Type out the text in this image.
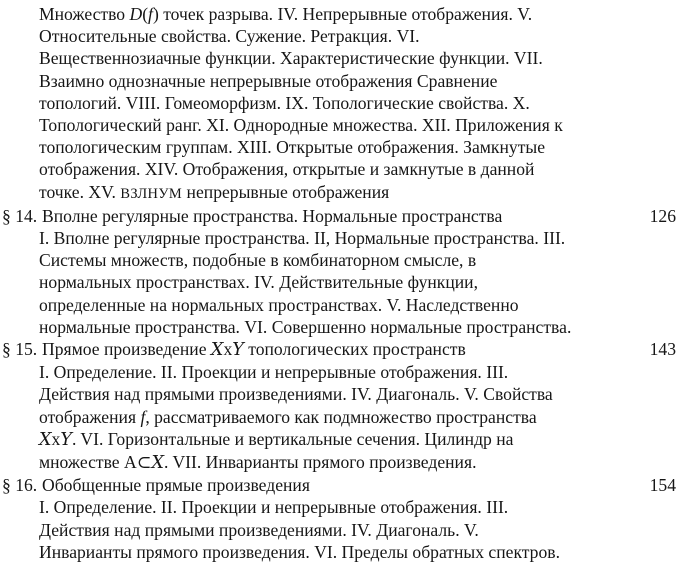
Множество D(f) точек разрыва. IV. Непрерывные отображения. V.
Относительные свойства. Сужение. Ретракция. VI.
Вещественнозиачные функции. Характеристические функции. VII.
Взаимно однозначные непрерывные отображения Сравнение
топологий. VIII. Гомеоморфизм. IX. Топологические свойства. X.
Топологический ранг. XI. Однородные множества. XII. Приложения к
топологическим группам. XIII. Открытые отображения. Замкнутые
отображения. XIV. Отображения, открытые и замкнутые в данной
точке. XV. ВЗЛНУМ непрерывные отображения
§ 14. Вполне регулярные пространства. Нормальные пространства	126
I. Вполне регулярные пространства. II, Нормальные пространства. III.
Системы множеств, подобные в комбинаторном смысле, в
нормальных пространствах. IV. Действительные функции,
определенные на нормальных пространствах. V. Наследственно
нормальные пространства. VI. Совершенно нормальные пространства.
§ 15. Прямое произведение XxY топологических пространств	143
I. Определение. II. Проекции и непрерывные отображения. III.
Действия над прямыми произведениями. IV. Диагональ. V. Свойства
отображения f, рассматриваемого как подмножество пространства
XxY. VI. Горизонтальные и вертикальные сечения. Цилиндр на
множестве A⊂X. VII. Инварианты прямого произведения.
§ 16. Обобщенные прямые произведения	154
I. Определение. II. Проекции и непрерывные отображения. III.
Действия над прямыми произведениями. IV. Диагональ. V.
Инварианты прямого произведения. VI. Пределы обратных спектров.
